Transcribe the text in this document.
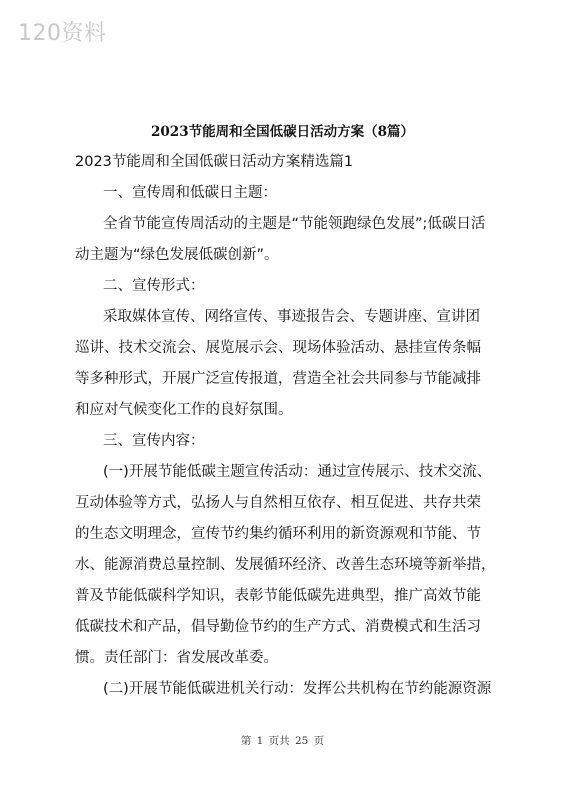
120资料
2023节能周和全国低碳日活动方案（8篇）
2023节能周和全国低碳日活动方案精选篇1
一、宣传周和低碳日主题：
全省节能宣传周活动的主题是“节能领跑绿色发展”;低碳日活
动主题为“绿色发展低碳创新”。
二、宣传形式：
采取媒体宣传、网络宣传、事迹报告会、专题讲座、宣讲团
巡讲、技术交流会、展览展示会、现场体验活动、悬挂宣传条幅
等多种形式，开展广泛宣传报道，营造全社会共同参与节能减排
和应对气候变化工作的良好氛围。
三、宣传内容：
(一)开展节能低碳主题宣传活动：通过宣传展示、技术交流、
互动体验等方式，弘扬人与自然相互依存、相互促进、共存共荣
的生态文明理念，宣传节约集约循环利用的新资源观和节能、节
水、能源消费总量控制、发展循环经济、改善生态环境等新举措，
普及节能低碳科学知识，表彰节能低碳先进典型，推广高效节能
低碳技术和产品，倡导勤俭节约的生产方式、消费模式和生活习
惯。责任部门：省发展改革委。
(二)开展节能低碳进机关行动：发挥公共机构在节约能源资源
第 1 页共 25 页
